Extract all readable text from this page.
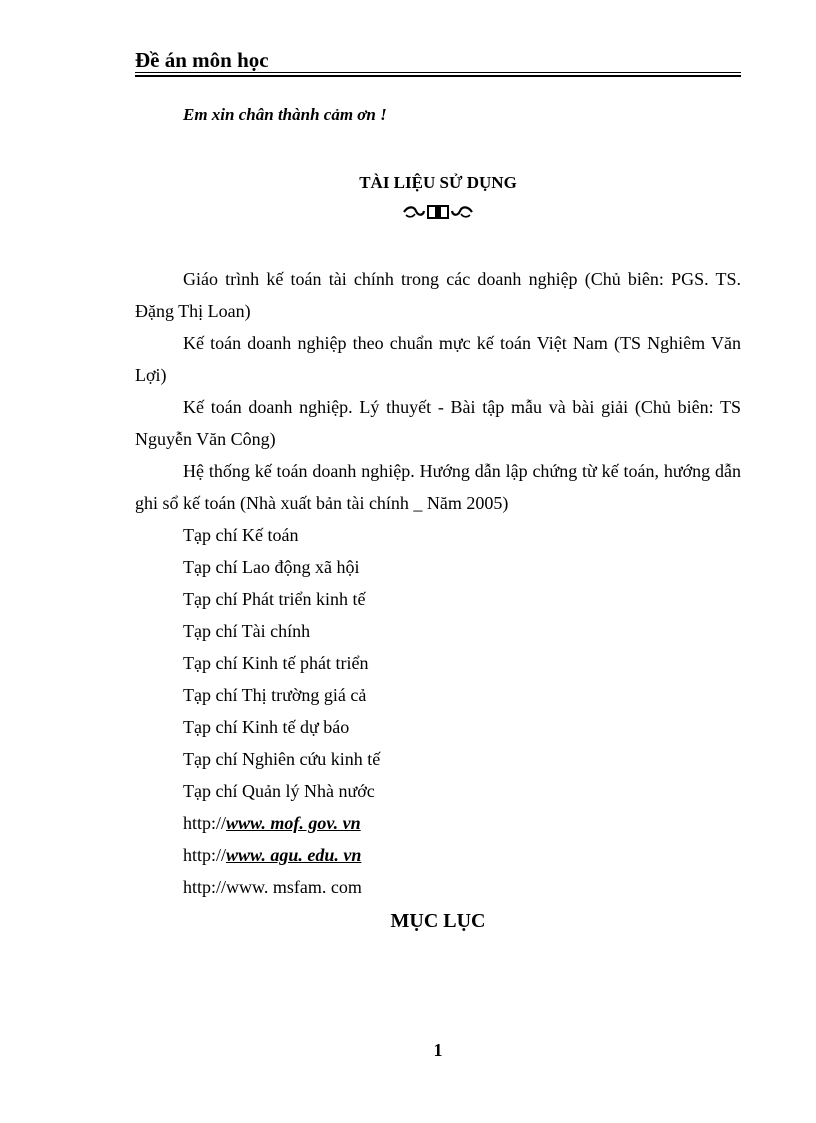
Đề án môn học
Em xin chân thành cảm ơn !
TÀI LIỆU SỬ DỤNG
Giáo trình kế toán tài chính trong các doanh nghiệp (Chủ biên: PGS. TS. Đặng Thị Loan)
Kế toán doanh nghiệp theo chuẩn mực kế toán Việt Nam (TS Nghiêm Văn Lợi)
Kế toán doanh nghiệp. Lý thuyết - Bài tập mẫu và bài giải (Chủ biên: TS Nguyễn Văn Công)
Hệ thống kế toán doanh nghiệp. Hướng dẫn lập chứng từ kế toán, hướng dẫn ghi sổ kế toán (Nhà xuất bản tài chính _ Năm 2005)
Tạp chí Kế toán
Tạp chí Lao động xã hội
Tạp chí Phát triển kinh tế
Tạp chí Tài chính
Tạp chí Kinh tế phát triển
Tạp chí Thị trường giá cả
Tạp chí Kinh tế dự báo
Tạp chí Nghiên cứu kinh tế
Tạp chí Quản lý Nhà nước
http://www. mof. gov. vn
http://www. agu. edu. vn
http://www. msfam. com
MỤC LỤC
1
